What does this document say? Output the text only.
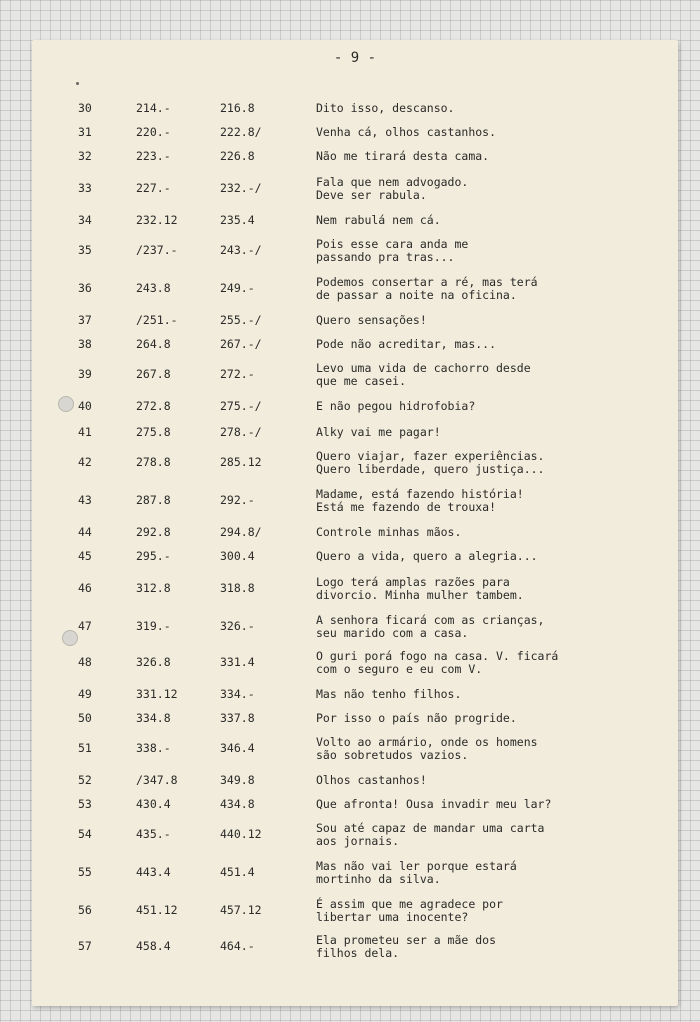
- 9 -
30	214.-	216.8	Dito isso, descanso.
31	220.-	222.8/	Venha cá, olhos castanhos.
32	223.-	226.8	Não me tirará desta cama.
33	227.-	232.-/	Fala que nem advogado.
Deve ser rabula.
34	232.12	235.4	Nem rabulá nem cá.
35	/237.-	243.-/	Pois esse cara anda me
passando pra tras...
36	243.8	249.-	Podemos consertar a ré, mas terá
de passar a noite na oficina.
37	/251.-	255.-/	Quero sensações!
38	264.8	267.-/	Pode não acreditar, mas...
39	267.8	272.-	Levo uma vida de cachorro desde
que me casei.
40	272.8	275.-/	E não pegou hidrofobia?
41	275.8	278.-/	Alky vai me pagar!
42	278.8	285.12	Quero viajar, fazer experiências.
Quero liberdade, quero justiça...
43	287.8	292.-	Madame, está fazendo história!
Está me fazendo de trouxa!
44	292.8	294.8/	Controle minhas mãos.
45	295.-	300.4	Quero a vida, quero a alegria...
46	312.8	318.8	Logo terá amplas razões para
divorcio. Minha mulher tambem.
47	319.-	326.-	A senhora ficará com as crianças,
seu marido com a casa.
48	326.8	331.4	O guri porá fogo na casa. V. ficará
com o seguro e eu com V.
49	331.12	334.-	Mas não tenho filhos.
50	334.8	337.8	Por isso o país não progride.
51	338.-	346.4	Volto ao armário, onde os homens
são sobretudos vazios.
52	/347.8	349.8	Olhos castanhos!
53	430.4	434.8	Que afronta! Ousa invadir meu lar?
54	435.-	440.12	Sou até capaz de mandar uma carta
aos jornais.
55	443.4	451.4	Mas não vai ler porque estará
mortinho da silva.
56	451.12	457.12	É assim que me agradece por
libertar uma inocente?
57	458.4	464.-	Ela prometeu ser a mãe dos
filhos dela.
